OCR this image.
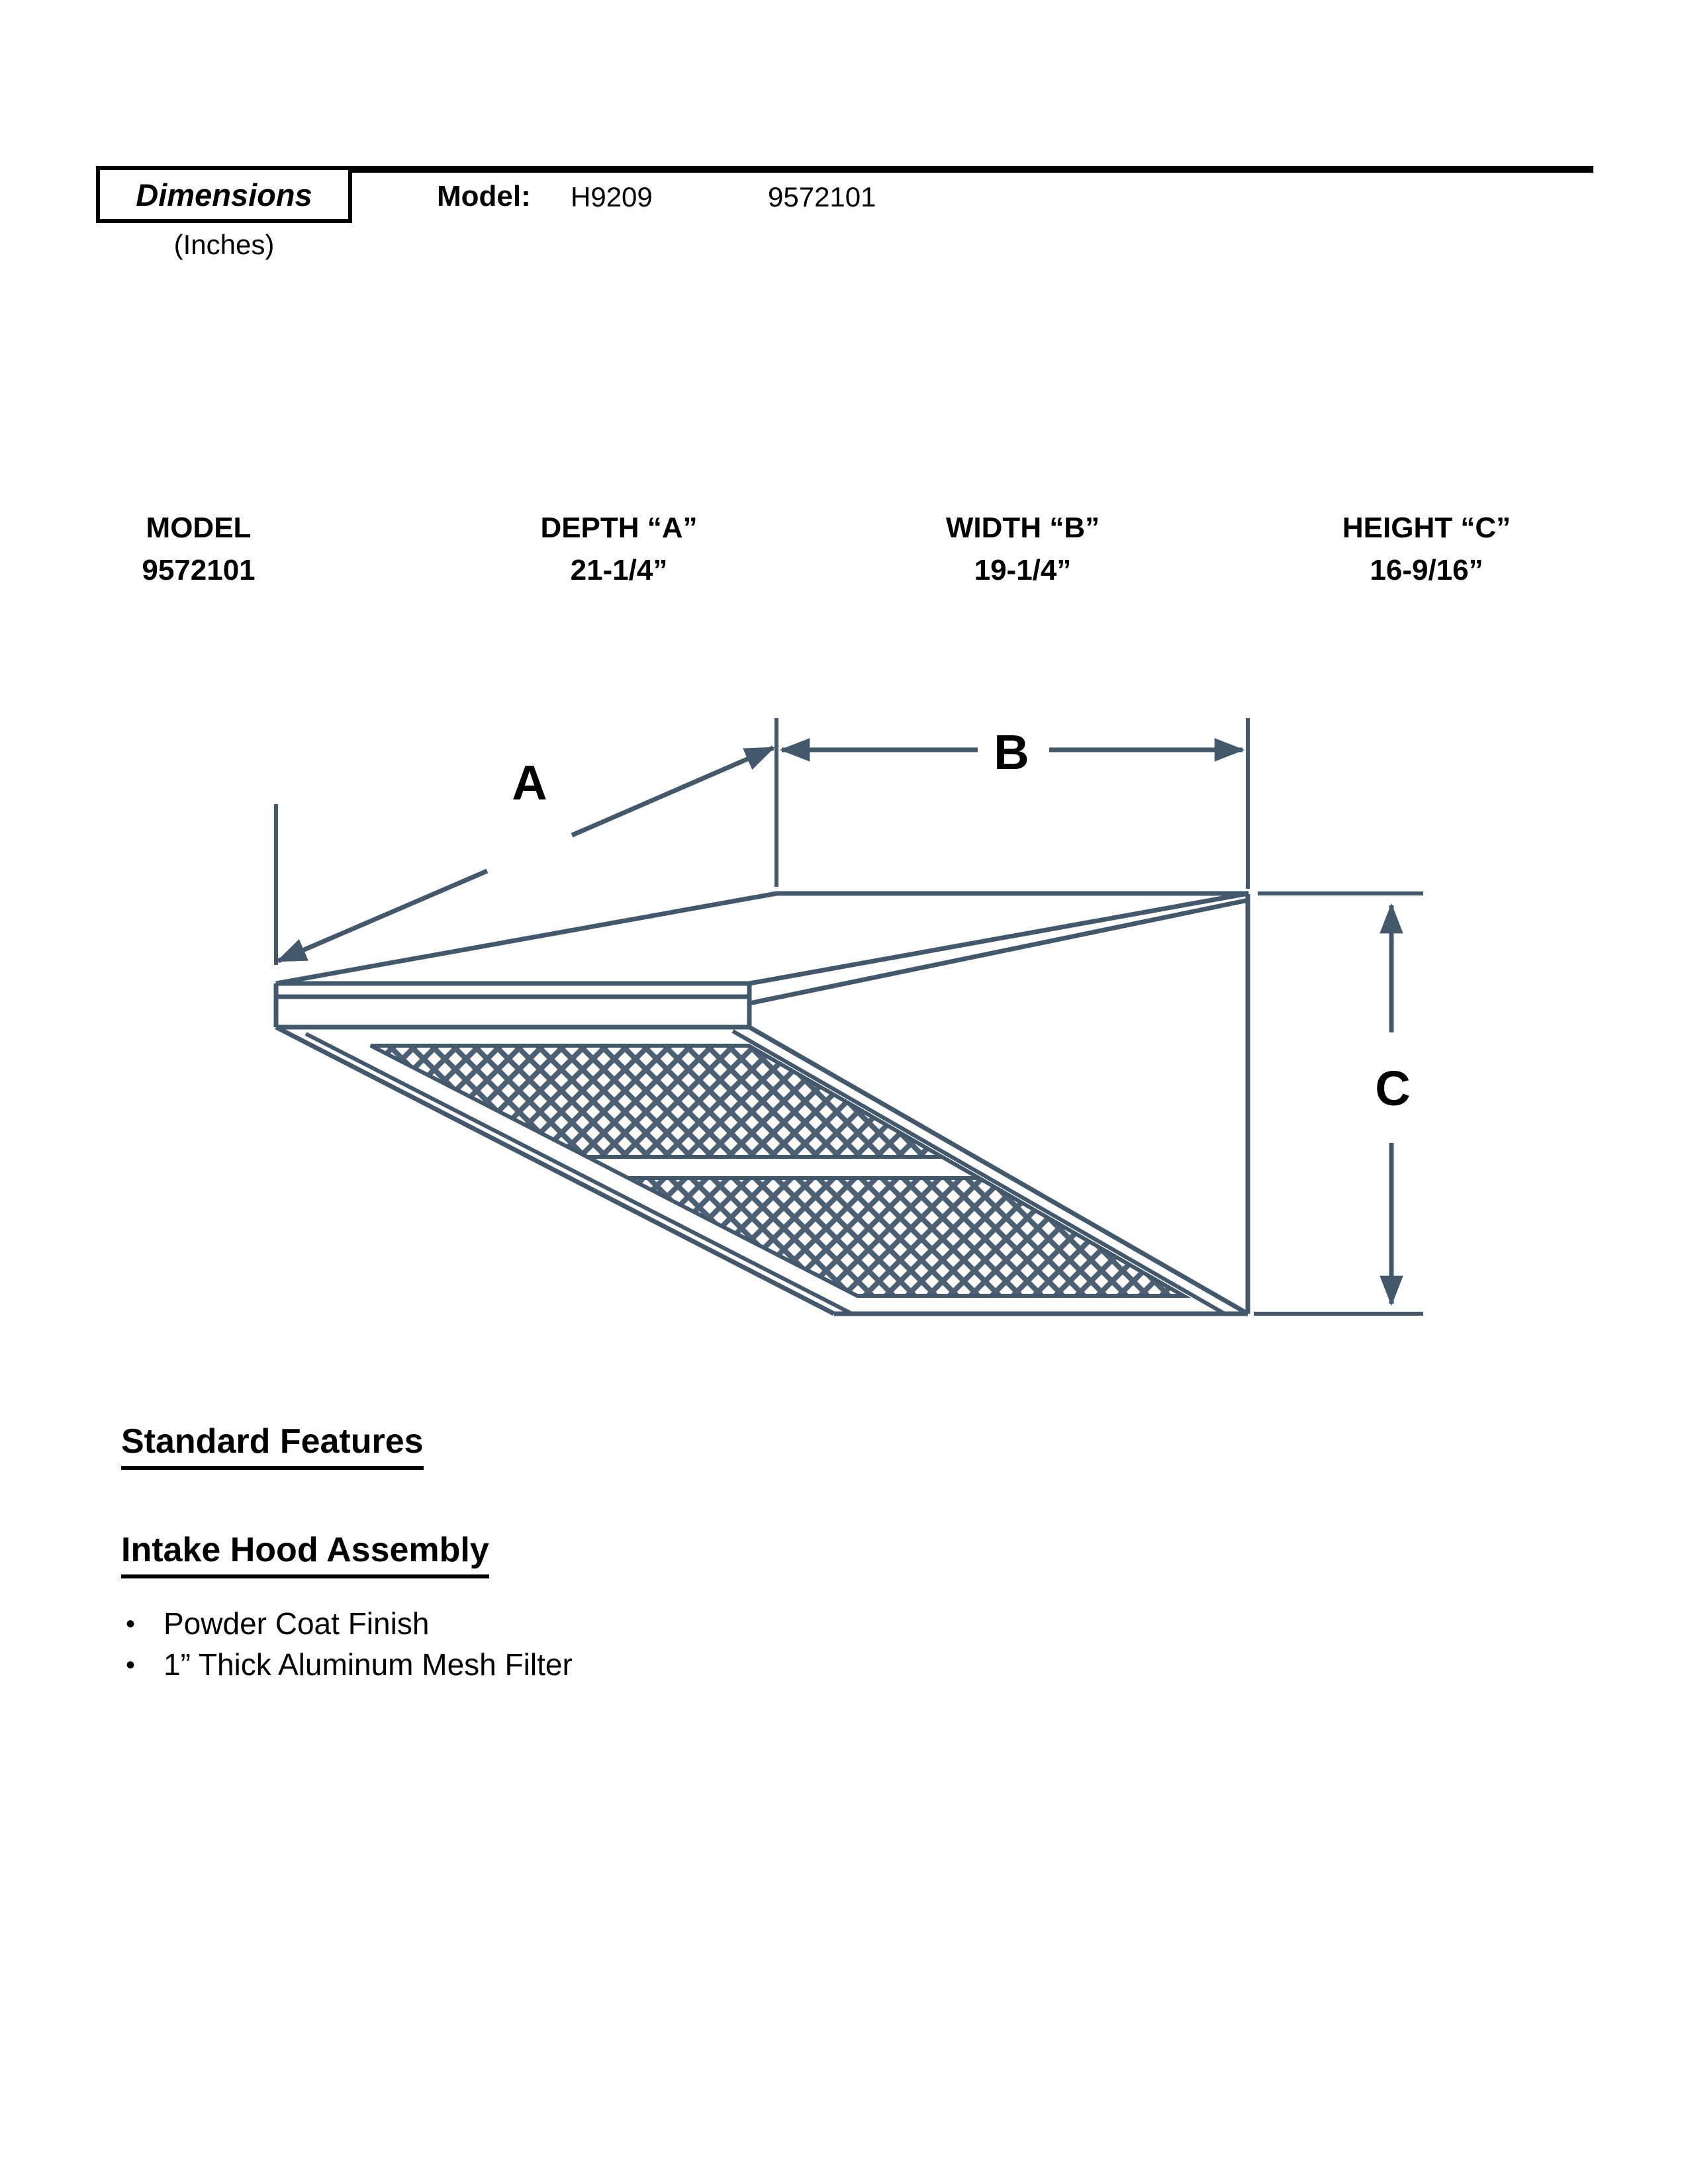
Dimensions
(Inches)
Model: H9209	9572101
MODEL
9572101
DEPTH “A”
21-1/4”
WIDTH “B”
19-1/4”
HEIGHT “C”
16-9/16”
A
B
C
Standard Features
Intake Hood Assembly
• Powder Coat Finish
• 1” Thick Aluminum Mesh Filter
